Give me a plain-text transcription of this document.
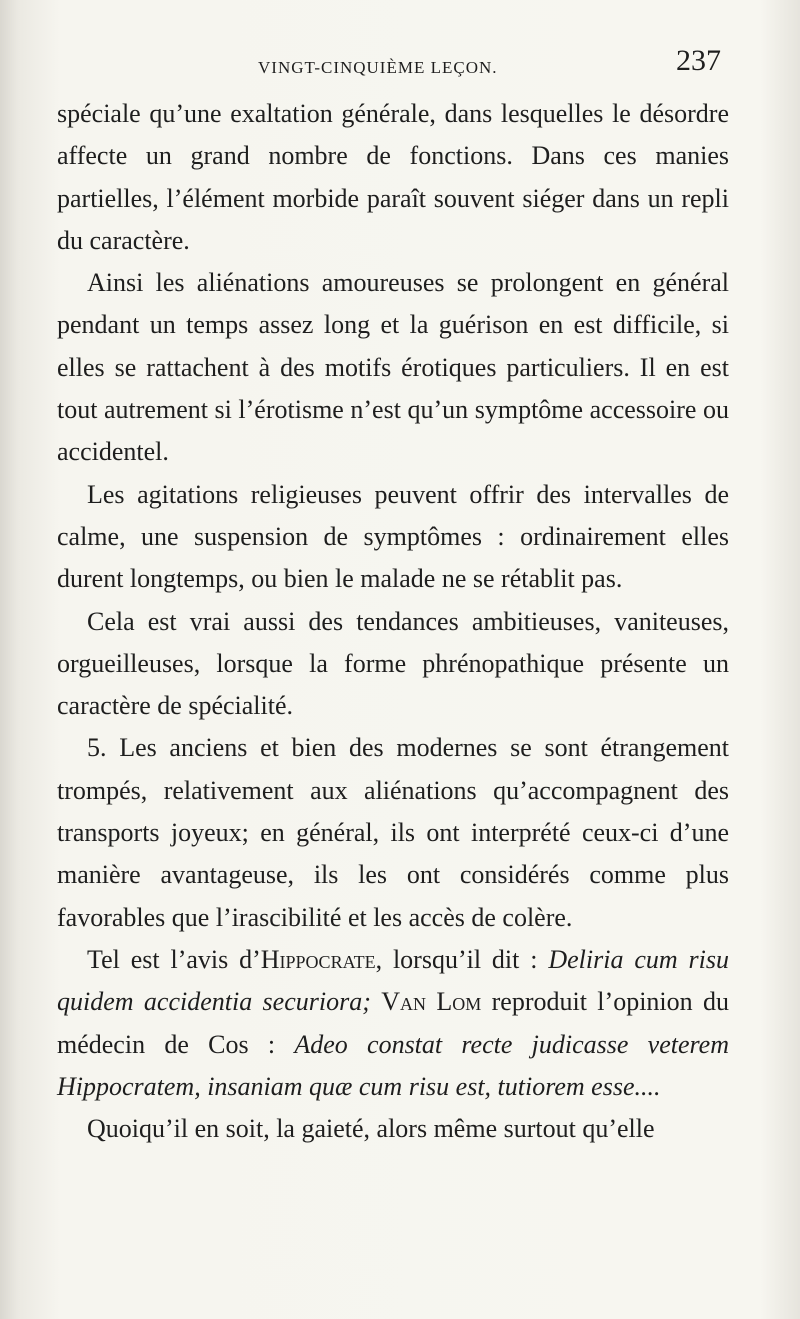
VINGT-CINQUIÈME LEÇON.	237

spéciale qu’une exaltation générale, dans lesquelles le désordre affecte un grand nombre de fonctions. Dans ces manies partielles, l’élément morbide paraît souvent siéger dans un repli du caractère.

Ainsi les aliénations amoureuses se prolongent en général pendant un temps assez long et la guérison en est difficile, si elles se rattachent à des motifs érotiques particuliers. Il en est tout autrement si l’érotisme n’est qu’un symptôme accessoire ou accidentel.

Les agitations religieuses peuvent offrir des intervalles de calme, une suspension de symptômes : ordinairement elles durent longtemps, ou bien le malade ne se rétablit pas.

Cela est vrai aussi des tendances ambitieuses, vaniteuses, orgueilleuses, lorsque la forme phrénopathique présente un caractère de spécialité.

5. Les anciens et bien des modernes se sont étrangement trompés, relativement aux aliénations qu’accompagnent des transports joyeux; en général, ils ont interprété ceux-ci d’une manière avantageuse, ils les ont considérés comme plus favorables que l’irascibilité et les accès de colère.

Tel est l’avis d’Hippocrate, lorsqu’il dit : Deliria cum risu quidem accidentia securiora; Van Lom reproduit l’opinion du médecin de Cos : Adeo constat recte judicasse veterem Hippocratem, insaniam quæ cum risu est, tutiorem esse....

Quoiqu’il en soit, la gaieté, alors même surtout qu’elle
